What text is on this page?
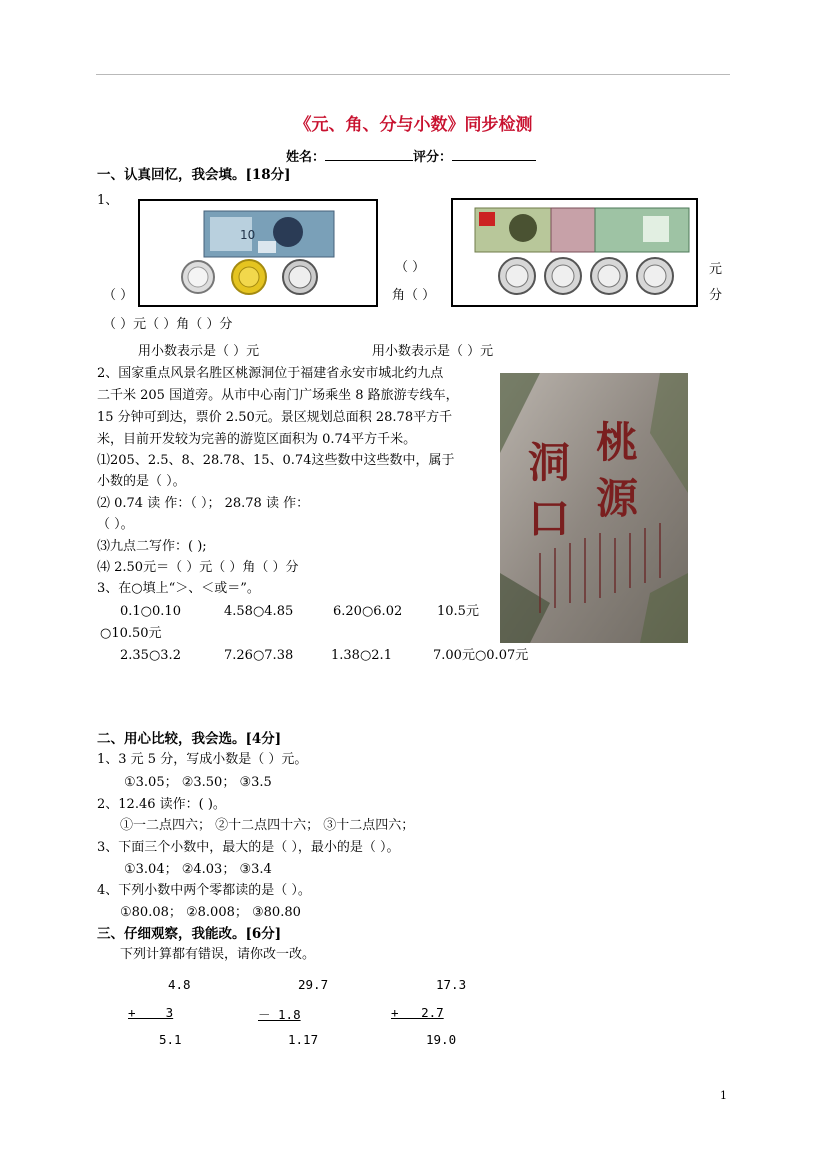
《元、角、分与小数》同步检测
姓名：	评分：
一、认真回忆，我会填。[18分]
1、
10
（ ）	元
（ ）	角（ ）	分
（ ）元（ ）角（ ）分
用小数表示是（ ）元	用小数表示是（ ）元
2、国家重点风景名胜区桃源洞位于福建省永安市城北约九点
二千米 205 国道旁。从市中心南门广场乘坐 8 路旅游专线车，
15 分钟可到达，票价 2.50元。景区规划总面积 28.78平方千
米，目前开发较为完善的游览区面积为 0.74平方千米。
⑴205、2.5、8、28.78、15、0.74这些数中这些数中，属于
小数的是（ ）。
⑵ 0.74 读 作：（ ）； 28.78 读 作：
（ ）。
⑶九点二写作：( );
⑷ 2.50元＝（ ）元（ ）角（ ）分
3、在○填上“＞、＜或＝”。
桃
源
洞
口
0.1○0.10	4.58○4.85	6.20○6.02	10.5元
○10.50元
2.35○3.2	7.26○7.38	1.38○2.1	7.00元○0.07元
二、用心比较，我会选。[4分]
1、3 元 5 分，写成小数是（ ）元。
①3.05； ②3.50； ③3.5
2、12.46 读作：( )。
①一二点四六； ②十二点四十六； ③十二点四六；
3、下面三个小数中，最大的是（ ），最小的是（ ）。
①3.04； ②4.03； ③3.4
4、下列小数中两个零都读的是（ ）。
①80.08； ②8.008； ③80.80
三、仔细观察，我能改。[6分]
下列计算都有错误，请你改一改。
4.8
+    3
5.1
29.7
－ 1.8
1.17
17.3
+   2.7
19.0
1
